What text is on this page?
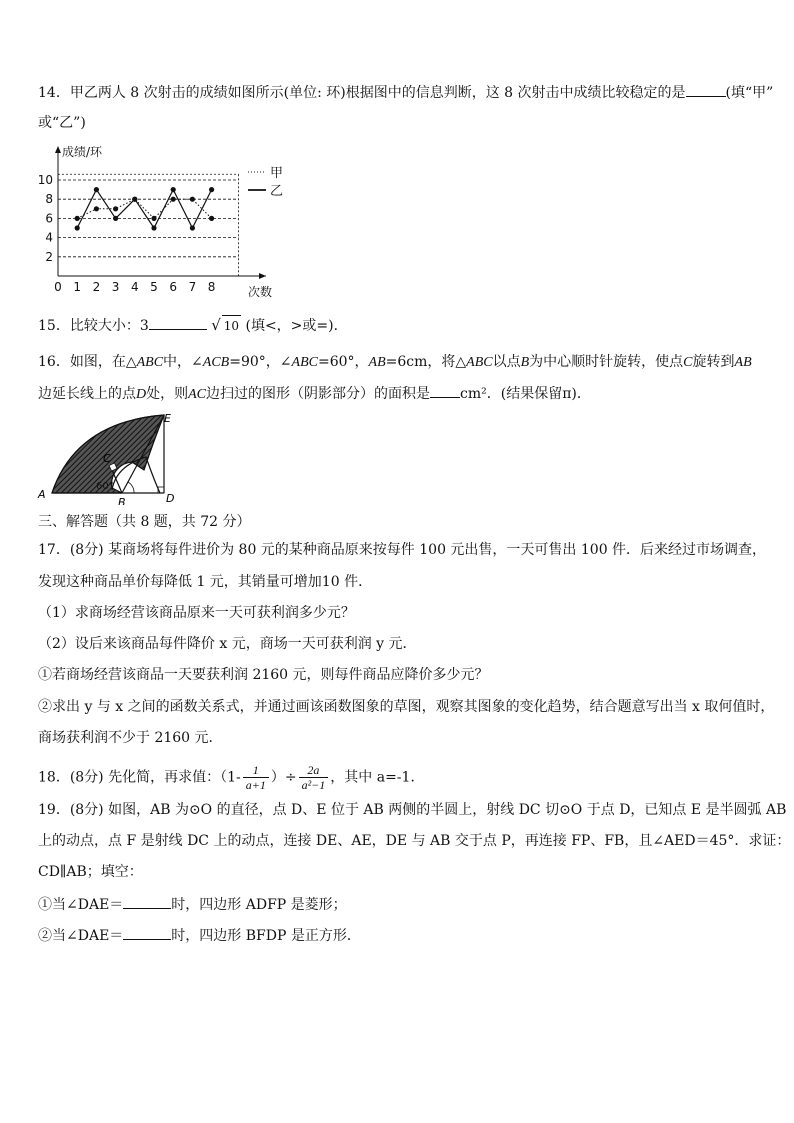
14．甲乙两人 8 次射击的成绩如图所示(单位: 环)根据图中的信息判断，这 8 次射击中成绩比较稳定的是	(填“甲”
或“乙”)
2
4
6
8
10
0 1 2 3 4 5 6 7 8
成绩/环
次数
甲
乙
15．比较大小：3	√ 10 (填<，>或=)．
16．如图，在△ABC中，∠ACB=90°，∠ABC=60°，AB=6cm，将△ABC以点B为中心顺时针旋转，使点C旋转到AB
边延长线上的点D处，则AC边扫过的图形（阴影部分）的面积是 cm²．(结果保留π)．
A
B
C
D
E
60°
三、解答题（共 8 题，共 72 分）
17．(8分) 某商场将每件进价为 80 元的某种商品原来按每件 100 元出售，一天可售出 100 件．后来经过市场调查，
发现这种商品单价每降低 1 元，其销量可增加10 件．
（1）求商场经营该商品原来一天可获利润多少元？
（2）设后来该商品每件降价 x 元，商场一天可获利润 y 元．
①若商场经营该商品一天要获利润 2160 元，则每件商品应降价多少元？
②求出 y 与 x 之间的函数关系式，并通过画该函数图象的草图，观察其图象的变化趋势，结合题意写出当 x 取何值时，
商场获利润不少于 2160 元．
18．(8分) 先化简，再求值：（$1- \frac{1}{a+1}$ ）÷ $\frac{2a}{\text{a²−1}}$ ，其中 a=-1．
19．(8分) 如图，AB 为⊙O 的直径，点 D、E 位于 AB 两侧的半圆上，射线 DC 切⊙O 于点 D，已知点 E 是半圆弧 AB
上的动点，点 F 是射线 DC 上的动点，连接 DE、AE，DE 与 AB 交于点 P，再连接 FP、FB，且∠AED＝45°．求证：
CD∥AB；填空：
①当∠DAE＝	时，四边形 ADFP 是菱形；
②当∠DAE＝	时，四边形 BFDP 是正方形．
